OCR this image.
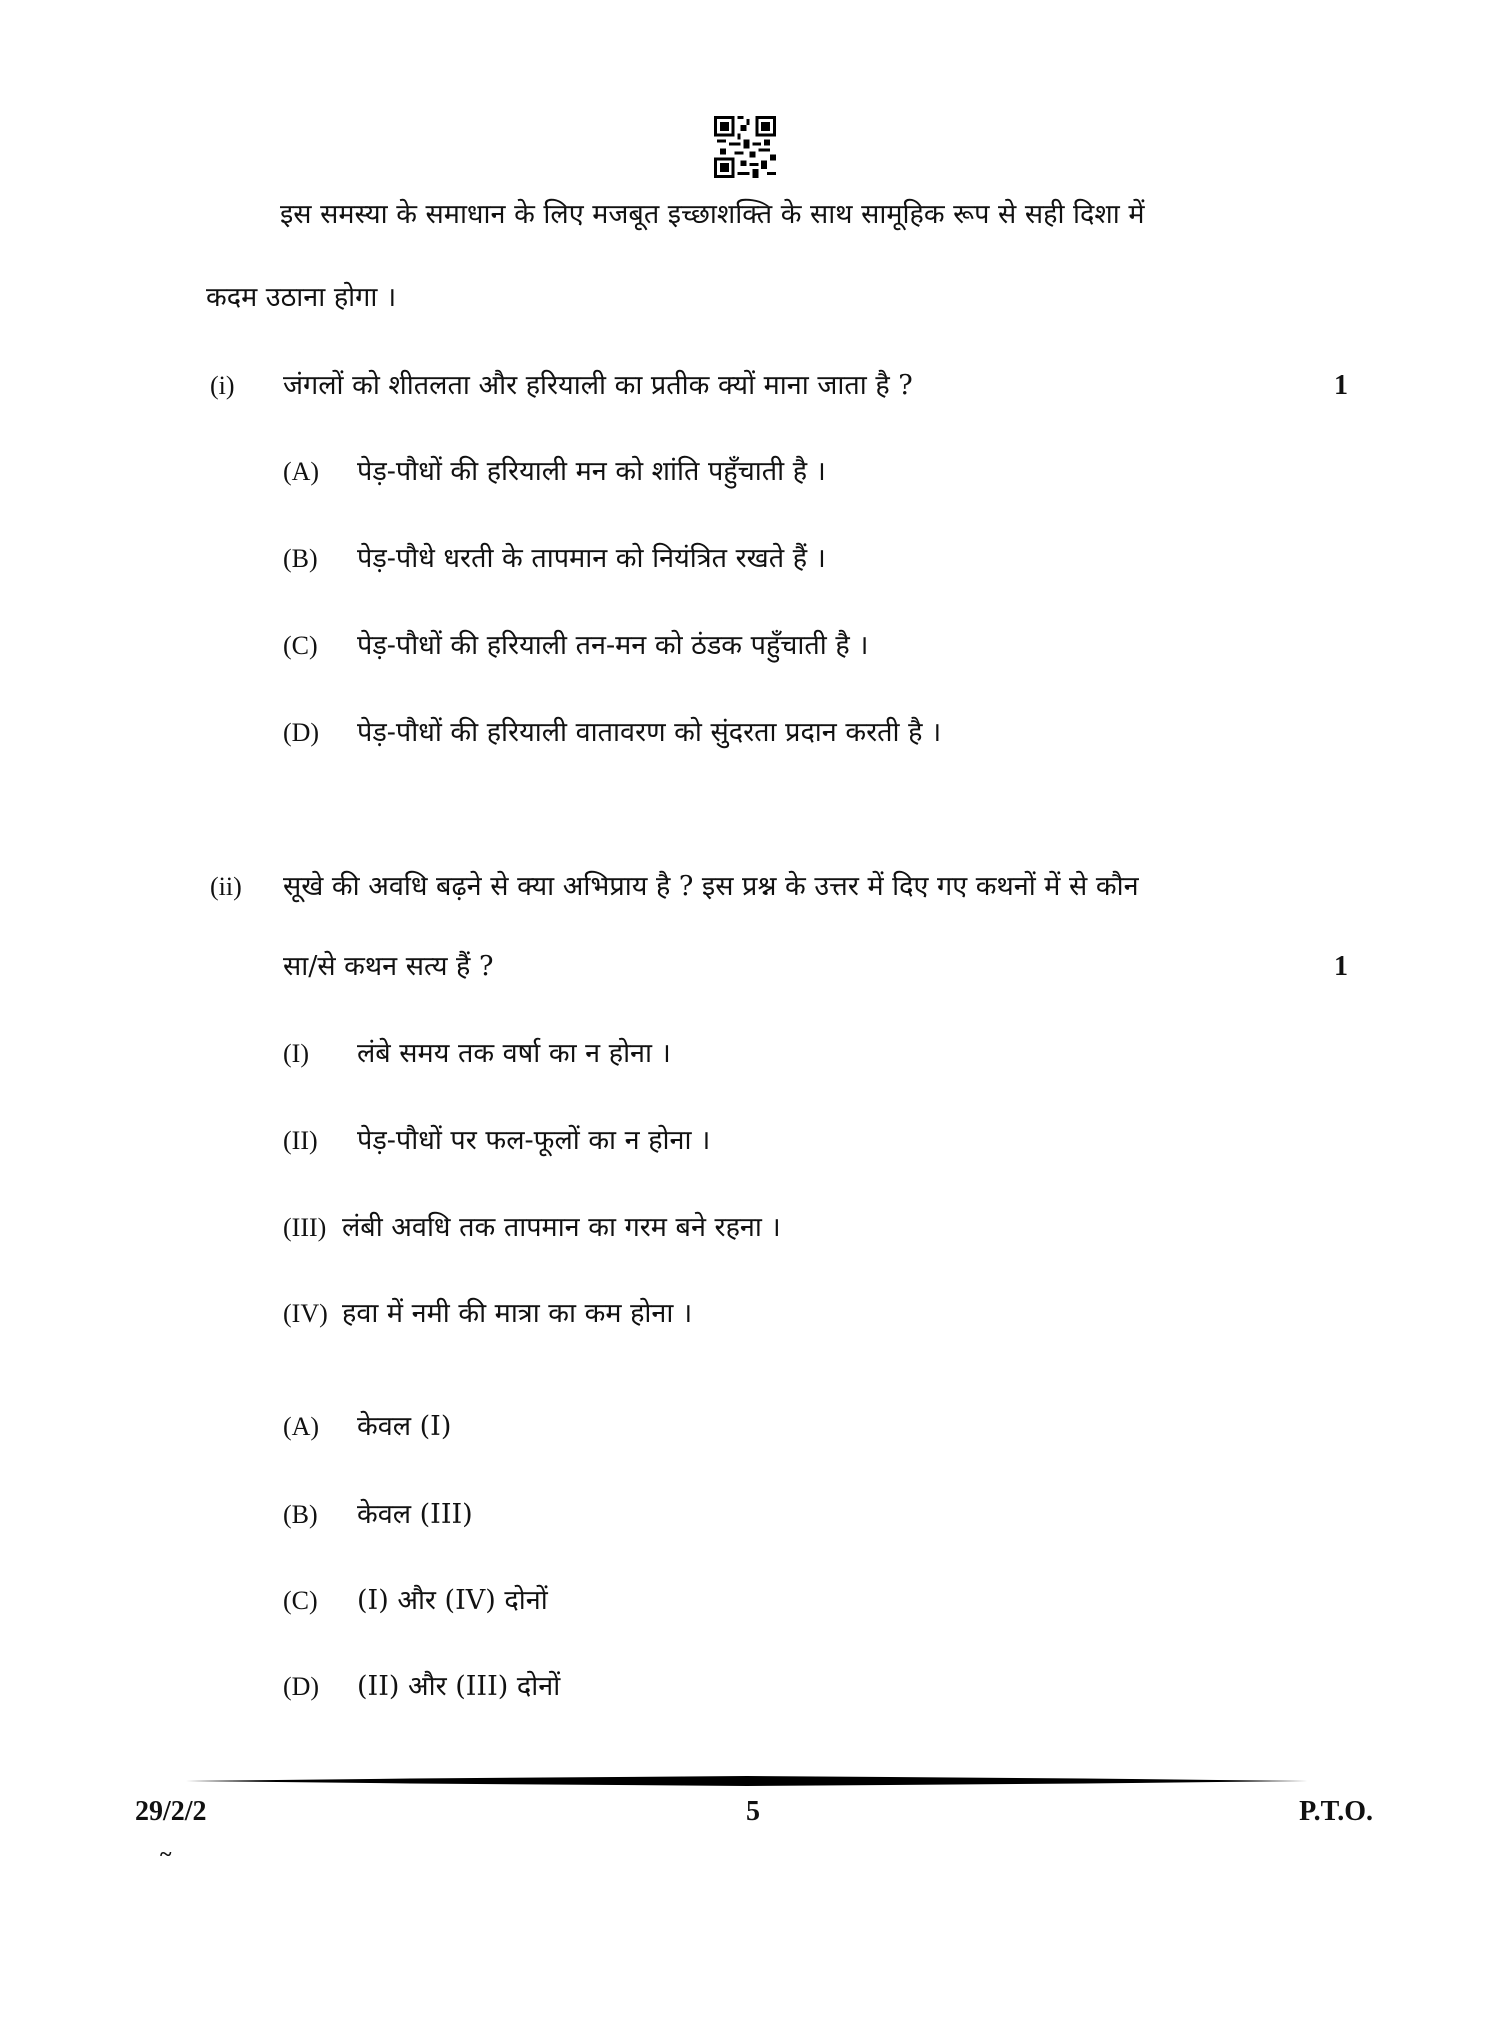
इस समस्या के समाधान के लिए मजबूत इच्छाशक्ति के साथ सामूहिक रूप से सही दिशा में
कदम उठाना होगा ।
(i) जंगलों को शीतलता और हरियाली का प्रतीक क्यों माना जाता है ?	1
(A) पेड़-पौधों की हरियाली मन को शांति पहुँचाती है ।
(B) पेड़-पौधे धरती के तापमान को नियंत्रित रखते हैं ।
(C) पेड़-पौधों की हरियाली तन-मन को ठंडक पहुँचाती है ।
(D) पेड़-पौधों की हरियाली वातावरण को सुंदरता प्रदान करती है ।
(ii) सूखे की अवधि बढ़ने से क्या अभिप्राय है ? इस प्रश्न के उत्तर में दिए गए कथनों में से कौन
सा/से कथन सत्य हैं ?	1
(I) लंबे समय तक वर्षा का न होना ।
(II) पेड़-पौधों पर फल-फूलों का न होना ।
(III) लंबी अवधि तक तापमान का गरम बने रहना ।
(IV) हवा में नमी की मात्रा का कम होना ।
(A) केवल (I)
(B) केवल (III)
(C) (I) और (IV) दोनों
(D) (II) और (III) दोनों
29/2/2	5	P.T.O.
~
